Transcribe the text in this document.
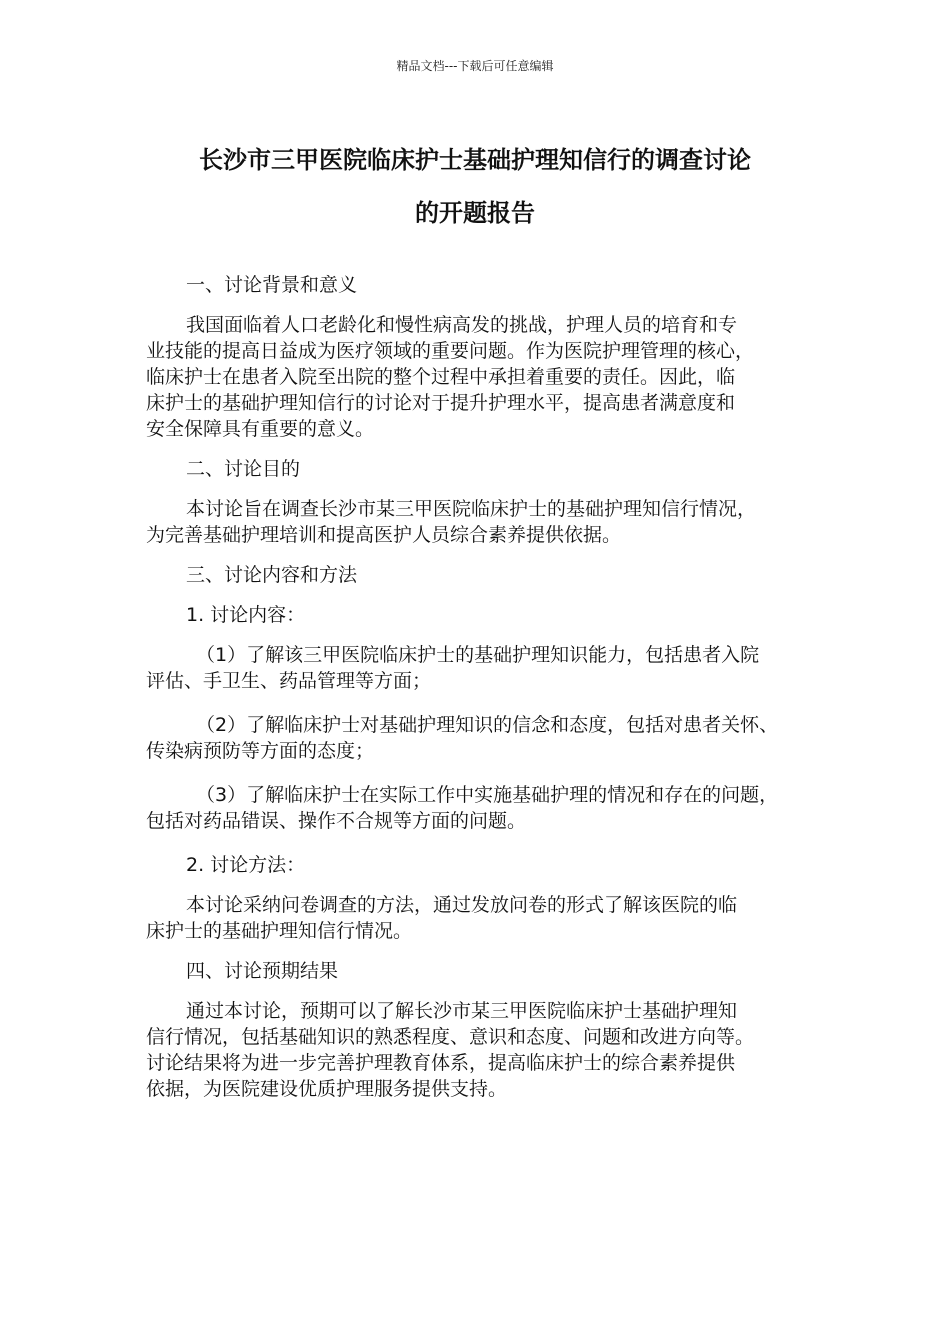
精品文档---下载后可任意编辑
长沙市三甲医院临床护士基础护理知信行的调查讨论
的开题报告

一、讨论背景和意义

我国面临着人口老龄化和慢性病高发的挑战，护理人员的培育和专
业技能的提高日益成为医疗领域的重要问题。作为医院护理管理的核心，
临床护士在患者入院至出院的整个过程中承担着重要的责任。因此，临
床护士的基础护理知信行的讨论对于提升护理水平，提高患者满意度和
安全保障具有重要的意义。

二、讨论目的

本讨论旨在调查长沙市某三甲医院临床护士的基础护理知信行情况，
为完善基础护理培训和提高医护人员综合素养提供依据。

三、讨论内容和方法

1. 讨论内容：

（1）了解该三甲医院临床护士的基础护理知识能力，包括患者入院
评估、手卫生、药品管理等方面；

（2）了解临床护士对基础护理知识的信念和态度，包括对患者关怀、
传染病预防等方面的态度；

（3）了解临床护士在实际工作中实施基础护理的情况和存在的问题，
包括对药品错误、操作不合规等方面的问题。

2. 讨论方法：

本讨论采纳问卷调查的方法，通过发放问卷的形式了解该医院的临
床护士的基础护理知信行情况。

四、讨论预期结果

通过本讨论，预期可以了解长沙市某三甲医院临床护士基础护理知
信行情况，包括基础知识的熟悉程度、意识和态度、问题和改进方向等。
讨论结果将为进一步完善护理教育体系，提高临床护士的综合素养提供
依据，为医院建设优质护理服务提供支持。
